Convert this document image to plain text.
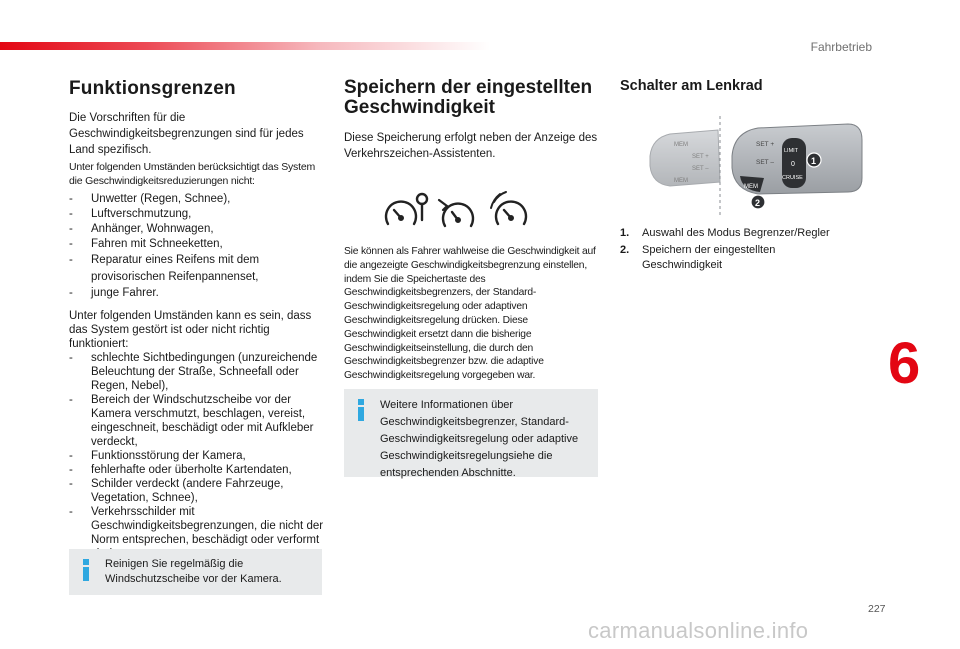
Fahrbetrieb
Funktionsgrenzen

Die Vorschriften für die Geschwindigkeitsbegrenzungen sind für jedes Land spezifisch.

Unter folgenden Umständen berücksichtigt das System die Geschwindigkeitsreduzierungen nicht:

- Unwetter (Regen, Schnee),
- Luftverschmutzung,
- Anhänger, Wohnwagen,
- Fahren mit Schneeketten,
- Reparatur eines Reifens mit dem provisorischen Reifenpannenset,
- junge Fahrer.

Unter folgenden Umständen kann es sein, dass das System gestört ist oder nicht richtig funktioniert:

- schlechte Sichtbedingungen (unzureichende Beleuchtung der Straße, Schneefall oder Regen, Nebel),
- Bereich der Windschutzscheibe vor der Kamera verschmutzt, beschlagen, vereist, eingeschneit, beschädigt oder mit Aufkleber verdeckt,
- Funktionsstörung der Kamera,
- fehlerhafte oder überholte Kartendaten,
- Schilder verdeckt (andere Fahrzeuge, Vegetation, Schnee),
- Verkehrsschilder mit Geschwindigkeitsbegrenzungen, die nicht der Norm entsprechen, beschädigt oder verformt
Reinigen Sie regelmäßig die Windschutzscheibe vor der Kamera.
Speichern der eingestellten Geschwindigkeit

Diese Speicherung erfolgt neben der Anzeige des Verkehrszeichen-Assistenten.

Sie können als Fahrer wahlweise die Geschwindigkeit auf die angezeigte Geschwindigkeitsbegrenzung einstellen, indem Sie die Speichertaste des Geschwindigkeitsbegrenzers, der Standard-Geschwindigkeitsregelung oder adaptiven Geschwindigkeitsregelung drücken. Diese Geschwindigkeit ersetzt dann die bisherige Geschwindigkeitseinstellung, die durch den Geschwindigkeitsbegrenzer bzw. die adaptive Geschwindigkeitsregelung vorgegeben war.

Weitere Informationen über Geschwindigkeitsbegrenzer, Standard-Geschwindigkeitsregelung oder adaptive Geschwindigkeitsregelungsiehe die entsprechenden Abschnitte.
Schalter am Lenkrad
MEM
SET +
SET –
MEM
SET +
SET –
LIMIT
0
CRUISE
MEM
1
2
1.	Auswahl des Modus Begrenzer/Regler
2.	Speichern der eingestellten Geschwindigkeit
6
227
carmanualsonline.info
